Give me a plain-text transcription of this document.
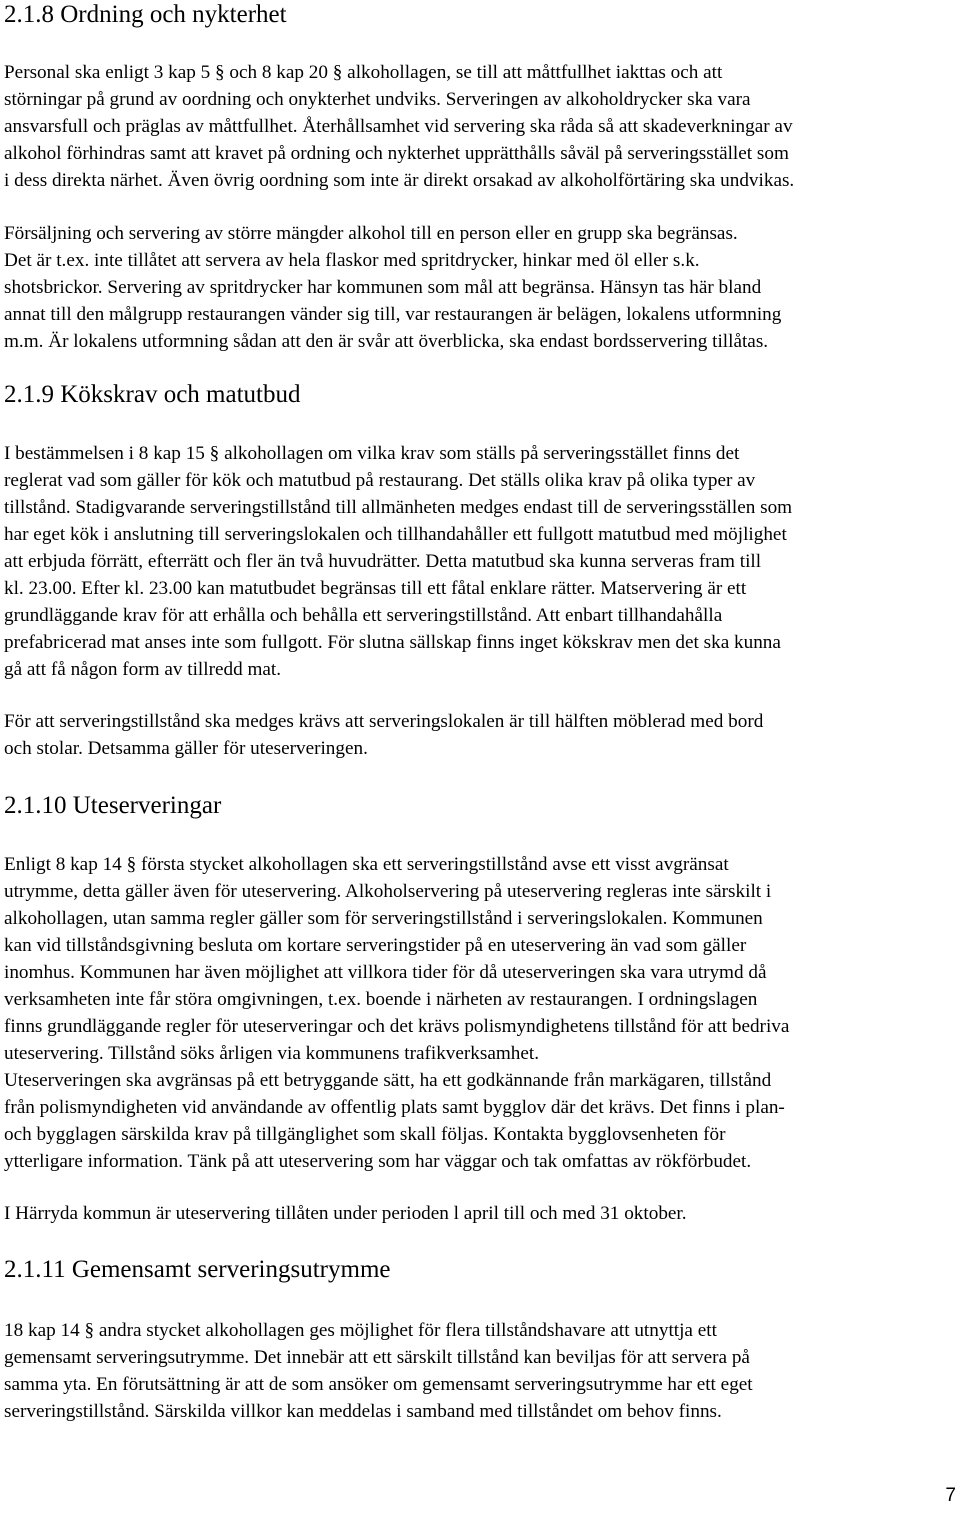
2.1.8 Ordning och nykterhet
Personal ska enligt 3 kap 5 § och 8 kap 20 § alkohollagen, se till att måttfullhet iakttas och att
störningar på grund av oordning och onykterhet undviks. Serveringen av alkoholdrycker ska vara
ansvarsfull och präglas av måttfullhet. Återhållsamhet vid servering ska råda så att skadeverkningar av
alkohol förhindras samt att kravet på ordning och nykterhet upprätthålls såväl på serveringsstället som
i dess direkta närhet. Även övrig oordning som inte är direkt orsakad av alkoholförtäring ska undvikas.
Försäljning och servering av större mängder alkohol till en person eller en grupp ska begränsas.
Det är t.ex. inte tillåtet att servera av hela flaskor med spritdrycker, hinkar med öl eller s.k.
shotsbrickor. Servering av spritdrycker har kommunen som mål att begränsa. Hänsyn tas här bland
annat till den målgrupp restaurangen vänder sig till, var restaurangen är belägen, lokalens utformning
m.m. Är lokalens utformning sådan att den är svår att överblicka, ska endast bordsservering tillåtas.
2.1.9 Kökskrav och matutbud
I bestämmelsen i 8 kap 15 § alkohollagen om vilka krav som ställs på serveringsstället finns det
reglerat vad som gäller för kök och matutbud på restaurang. Det ställs olika krav på olika typer av
tillstånd. Stadigvarande serveringstillstånd till allmänheten medges endast till de serveringsställen som
har eget kök i anslutning till serveringslokalen och tillhandahåller ett fullgott matutbud med möjlighet
att erbjuda förrätt, efterrätt och fler än två huvudrätter. Detta matutbud ska kunna serveras fram till
kl. 23.00. Efter kl. 23.00 kan matutbudet begränsas till ett fåtal enklare rätter. Matservering är ett
grundläggande krav för att erhålla och behålla ett serveringstillstånd. Att enbart tillhandahålla
prefabricerad mat anses inte som fullgott. För slutna sällskap finns inget kökskrav men det ska kunna
gå att få någon form av tillredd mat.
För att serveringstillstånd ska medges krävs att serveringslokalen är till hälften möblerad med bord
och stolar. Detsamma gäller för uteserveringen.
2.1.10 Uteserveringar
Enligt 8 kap 14 § första stycket alkohollagen ska ett serveringstillstånd avse ett visst avgränsat
utrymme, detta gäller även för uteservering. Alkoholservering på uteservering regleras inte särskilt i
alkohollagen, utan samma regler gäller som för serveringstillstånd i serveringslokalen. Kommunen
kan vid tillståndsgivning besluta om kortare serveringstider på en uteservering än vad som gäller
inomhus. Kommunen har även möjlighet att villkora tider för då uteserveringen ska vara utrymd då
verksamheten inte får störa omgivningen, t.ex. boende i närheten av restaurangen. I ordningslagen
finns grundläggande regler för uteserveringar och det krävs polismyndighetens tillstånd för att bedriva
uteservering. Tillstånd söks årligen via kommunens trafikverksamhet.
Uteserveringen ska avgränsas på ett betryggande sätt, ha ett godkännande från markägaren, tillstånd
från polismyndigheten vid användande av offentlig plats samt bygglov där det krävs. Det finns i plan-
och bygglagen särskilda krav på tillgänglighet som skall följas. Kontakta bygglovsenheten för
ytterligare information. Tänk på att uteservering som har väggar och tak omfattas av rökförbudet.
I Härryda kommun är uteservering tillåten under perioden l april till och med 31 oktober.
2.1.11 Gemensamt serveringsutrymme
18 kap 14 § andra stycket alkohollagen ges möjlighet för flera tillståndshavare att utnyttja ett
gemensamt serveringsutrymme. Det innebär att ett särskilt tillstånd kan beviljas för att servera på
samma yta. En förutsättning är att de som ansöker om gemensamt serveringsutrymme har ett eget
serveringstillstånd. Särskilda villkor kan meddelas i samband med tillståndet om behov finns.
7
